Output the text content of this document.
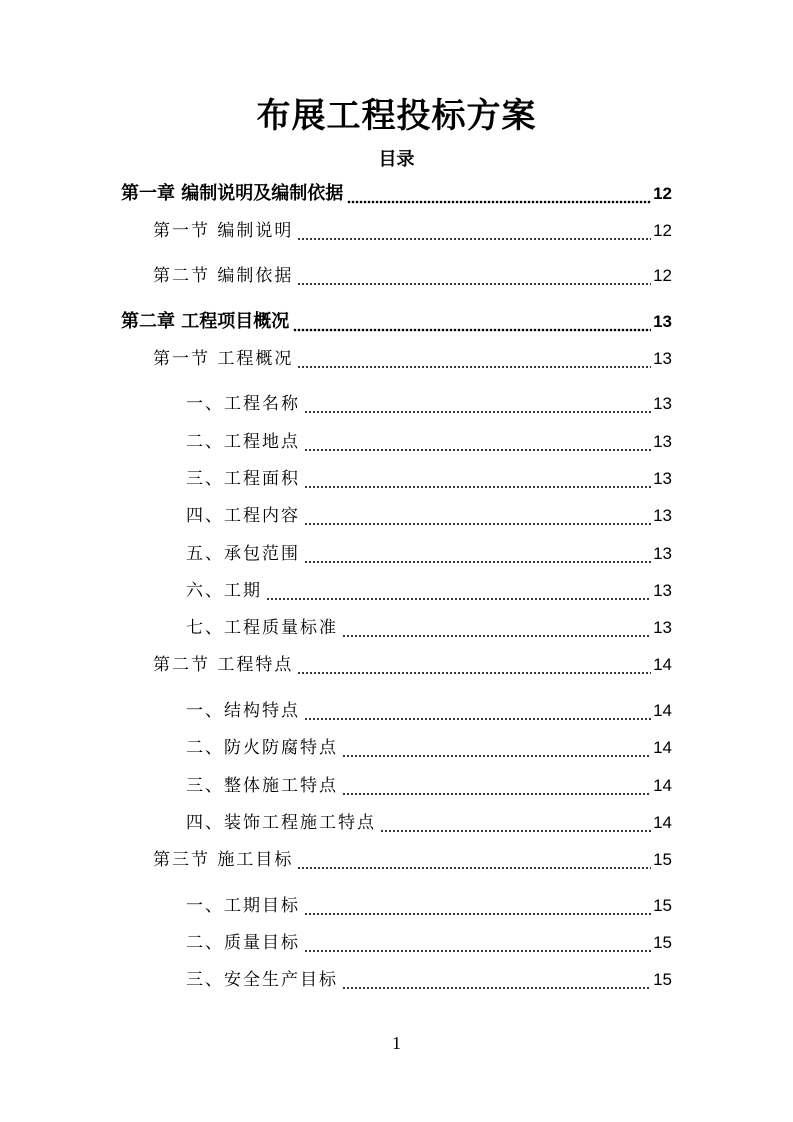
布展工程投标方案
目录
第一章 编制说明及编制依据	12
第一节 编制说明	12
第二节 编制依据	12
第二章 工程项目概况	13
第一节 工程概况	13
一、工程名称	13
二、工程地点	13
三、工程面积	13
四、工程内容	13
五、承包范围	13
六、工期	13
七、工程质量标准	13
第二节 工程特点	14
一、结构特点	14
二、防火防腐特点	14
三、整体施工特点	14
四、装饰工程施工特点	14
第三节 施工目标	15
一、工期目标	15
二、质量目标	15
三、安全生产目标	15
1
